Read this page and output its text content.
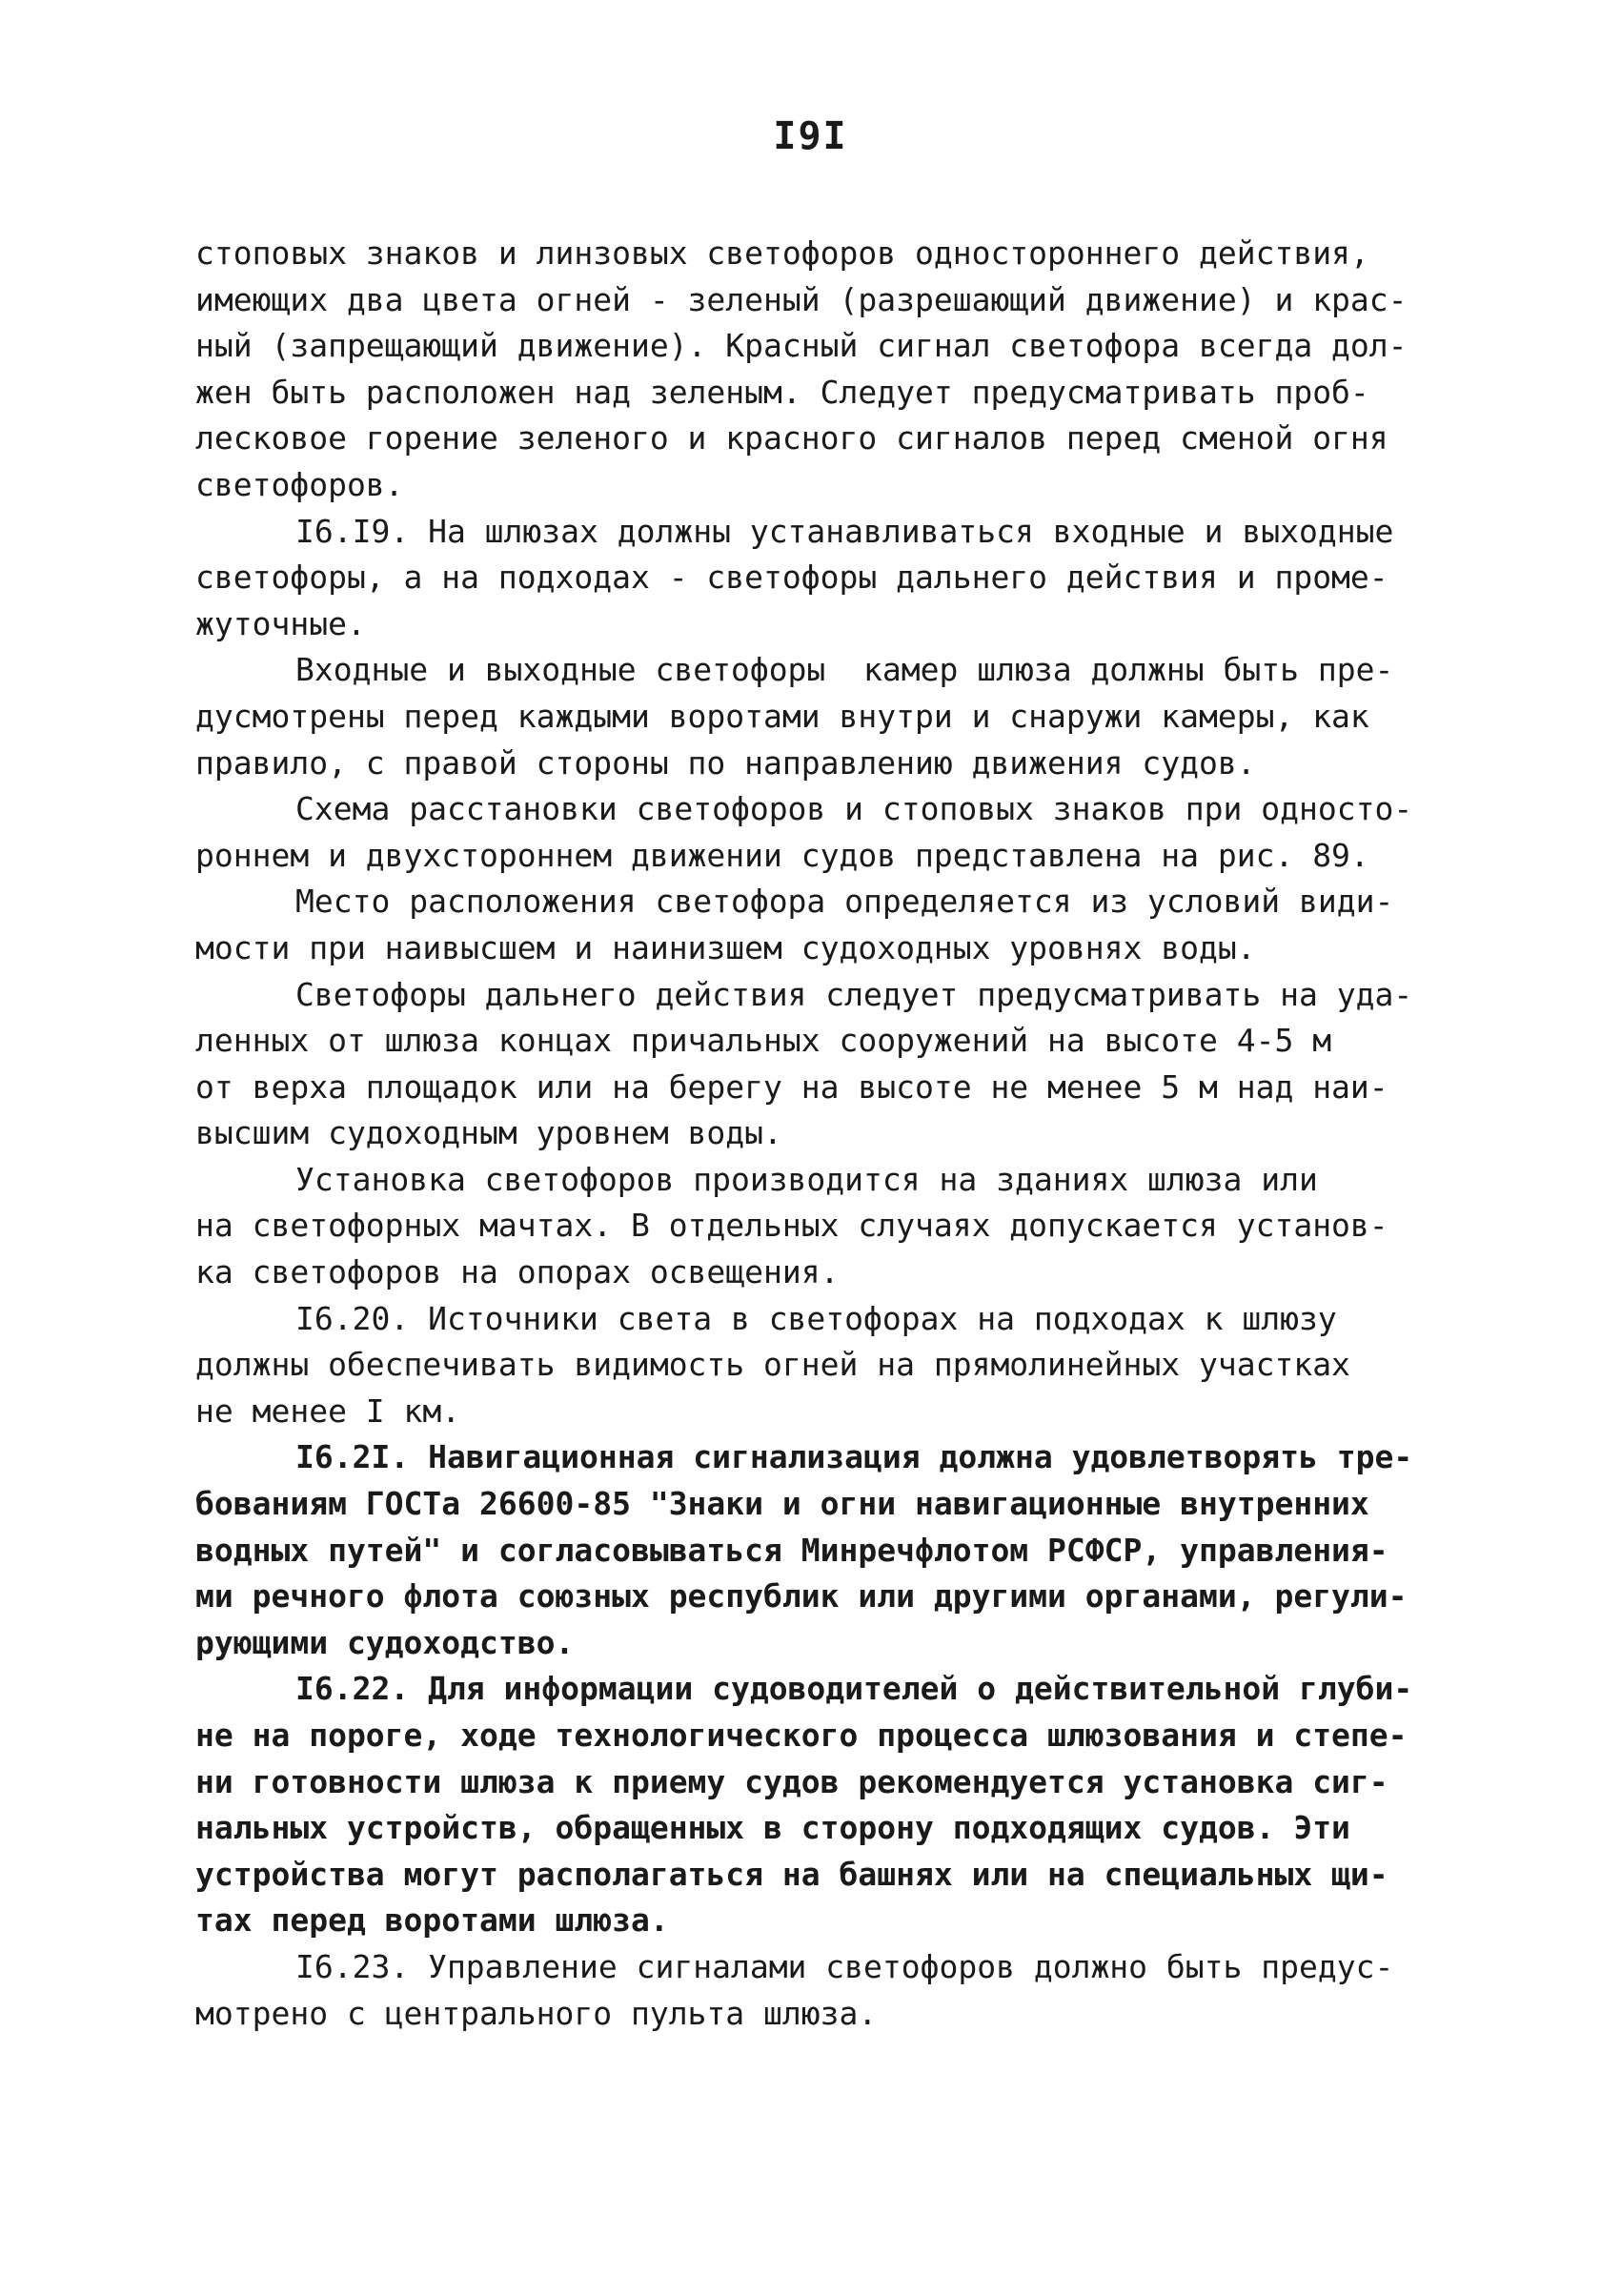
I9I
стоповых знаков и линзовых светофоров одностороннего действия,
имеющих два цвета огней - зеленый (разрешающий движение) и крас-
ный (запрещающий движение). Красный сигнал светофора всегда дол-
жен быть расположен над зеленым. Следует предусматривать проб-
лесковое горение зеленого и красного сигналов перед сменой огня
светофоров.
I6.I9. На шлюзах должны устанавливаться входные и выходные
светофоры, а на подходах - светофоры дальнего действия и проме-
жуточные.
Входные и выходные светофоры  камер шлюза должны быть пре-
дусмотрены перед каждыми воротами внутри и снаружи камеры, как
правило, с правой стороны по направлению движения судов.
Схема расстановки светофоров и стоповых знаков при односто-
роннем и двухстороннем движении судов представлена на рис. 89.
Место расположения светофора определяется из условий види-
мости при наивысшем и наинизшем судоходных уровнях воды.
Светофоры дальнего действия следует предусматривать на уда-
ленных от шлюза концах причальных сооружений на высоте 4-5 м
от верха площадок или на берегу на высоте не менее 5 м над наи-
высшим судоходным уровнем воды.
Установка светофоров производится на зданиях шлюза или
на светофорных мачтах. В отдельных случаях допускается установ-
ка светофоров на опорах освещения.
I6.20. Источники света в светофорах на подходах к шлюзу
должны обеспечивать видимость огней на прямолинейных участках
не менее I км.
I6.2I. Навигационная сигнализация должна удовлетворять тре-
бованиям ГОСТа 26600-85 "Знаки и огни навигационные внутренних
водных путей" и согласовываться Минречфлотом РСФСР, управления-
ми речного флота союзных республик или другими органами, регули-
рующими судоходство.
I6.22. Для информации судоводителей о действительной глуби-
не на пороге, ходе технологического процесса шлюзования и степе-
ни готовности шлюза к приему судов рекомендуется установка сиг-
нальных устройств, обращенных в сторону подходящих судов. Эти
устройства могут располагаться на башнях или на специальных щи-
тах перед воротами шлюза.
I6.23. Управление сигналами светофоров должно быть предус-
мотрено с центрального пульта шлюза.
